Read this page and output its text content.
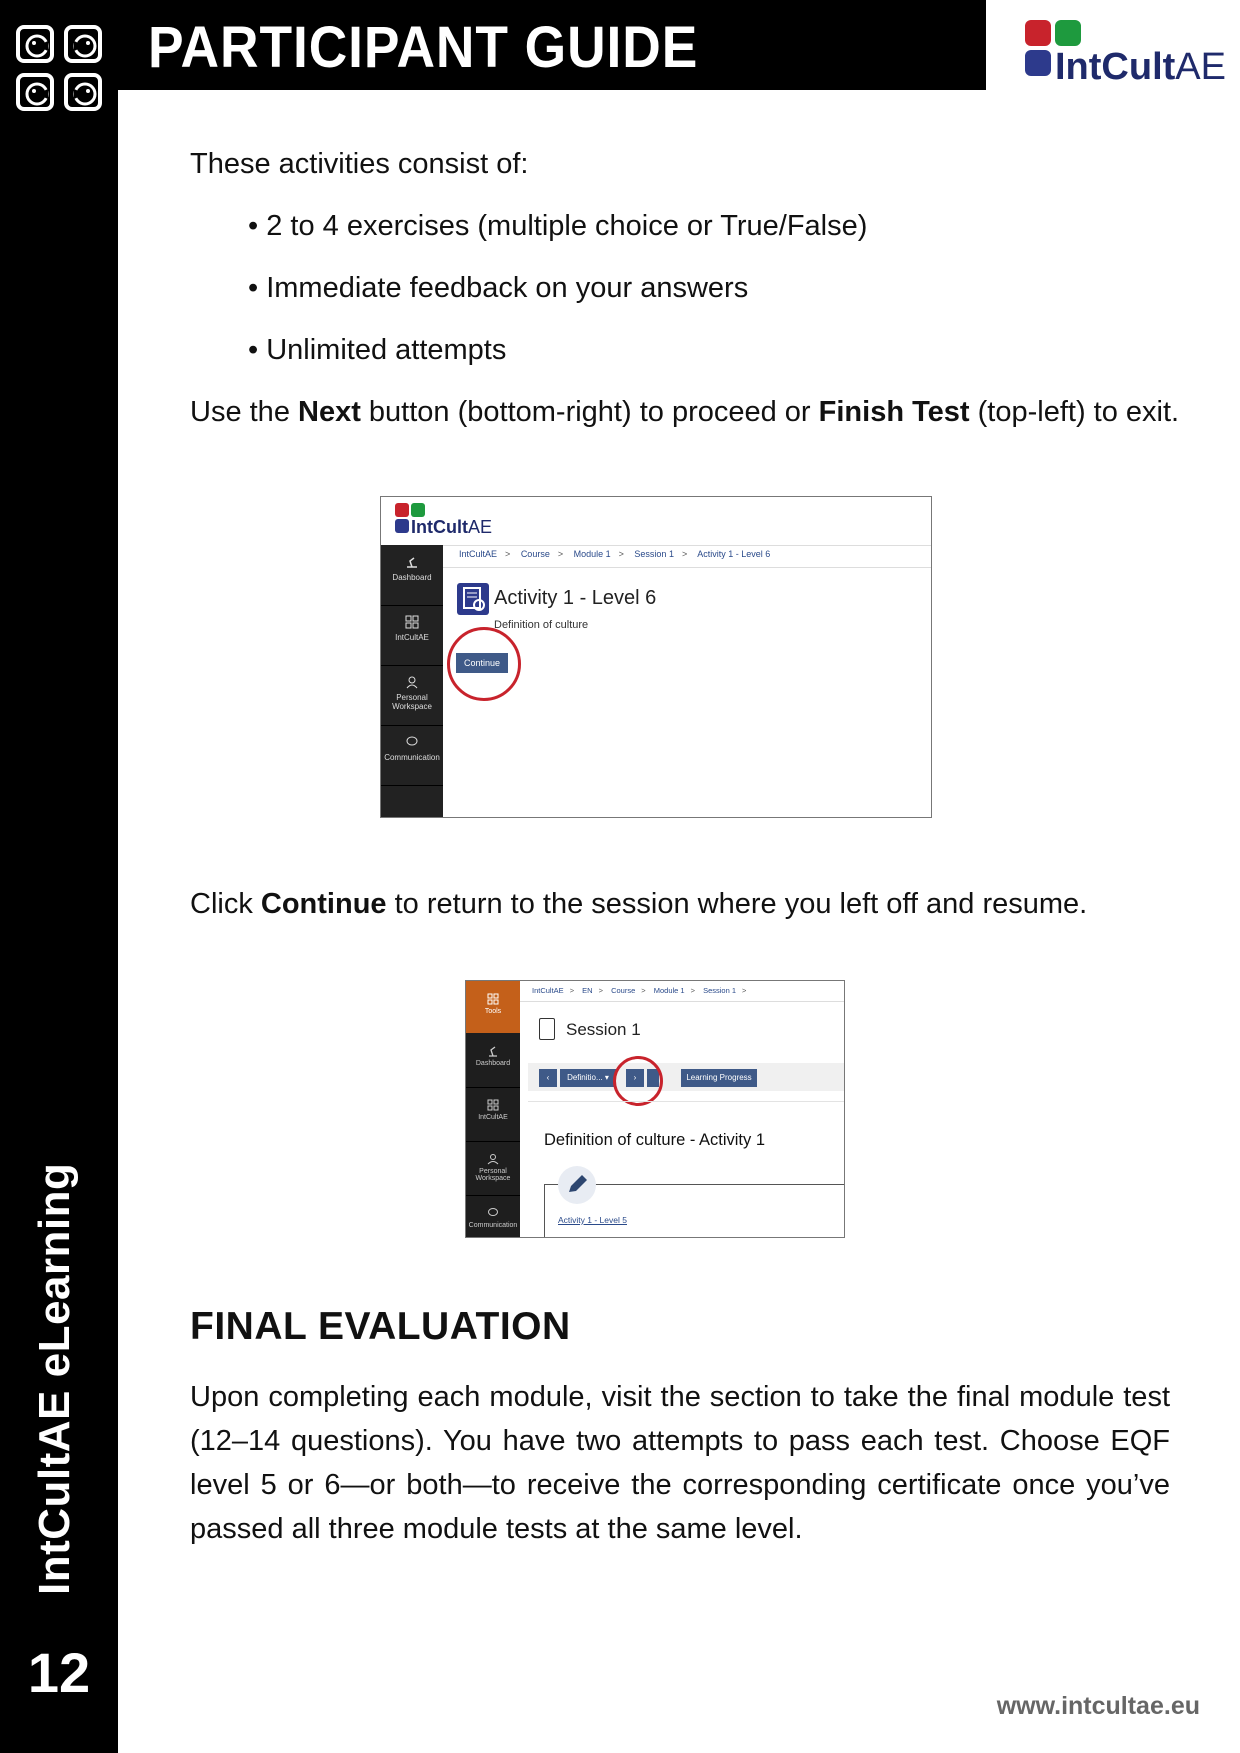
IntCultAE eLearning
12
PARTICIPANT GUIDE	IntCultAE
These activities consist of:
• 2 to 4 exercises (multiple choice or True/False)
• Immediate feedback on your answers
• Unlimited attempts
Use the Next button (bottom-right) to proceed or Finish Test (top-left) to exit.
IntCultAE
Dashboard
IntCultAE
Personal Workspace
Communication
IntCultAE > Course > Module 1 > Session 1 > Activity 1 - Level 6
Activity 1 - Level 6
Definition of culture
Continue
Click Continue to return to the session where you left off and resume.
Tools
Dashboard
IntCultAE
Personal Workspace
Communication
IntCultAE > EN > Course > Module 1 > Session 1 >
Session 1
‹	Definitio... ▾	›	Learning Progress
Definition of culture - Activity 1
Activity 1 - Level 5
FINAL EVALUATION
Upon completing each module, visit the section to take the final module test (12–14 questions). You have two attempts to pass each test. Choose EQF level 5 or 6—or both—to receive the corresponding certificate once you’ve passed all three module tests at the same level.
www.intcultae.eu
